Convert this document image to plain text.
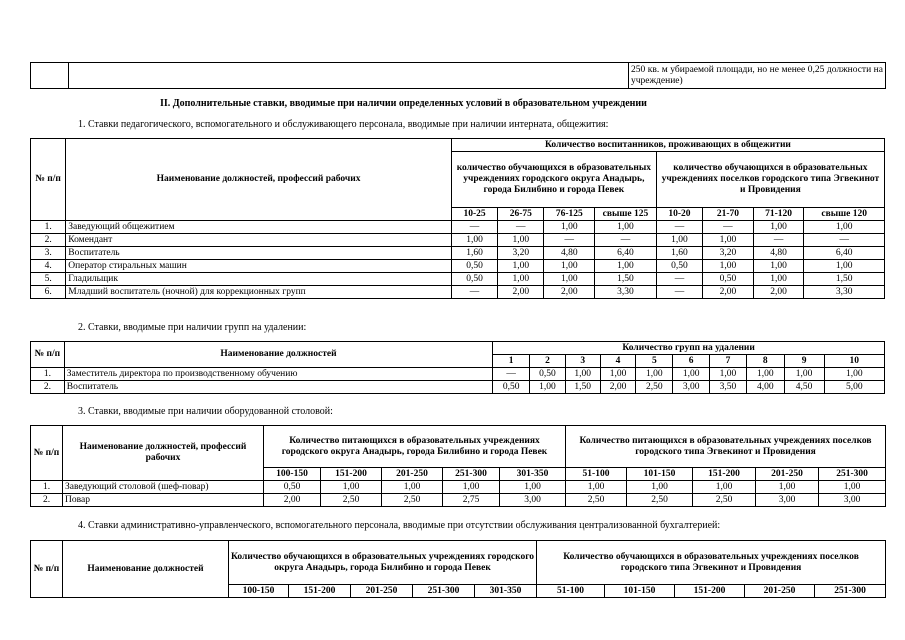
		250 кв. м убираемой площади, но не менее 0,25 должности на учреждение)
II. Дополнительные ставки, вводимые при наличии определенных условий в образовательном учреждении
1. Ставки педагогического, вспомогательного и обслуживающего персонала, вводимые при наличии интерната, общежития:
№ п/п	Наименование должностей, профессий рабочих	Количество воспитанников, проживающих в общежитии							
		количество обучающихся в образовательных учреждениях городского округа Анадырь, города Билибино и города Певек				количество обучающихся в образовательных учреждениях поселков городского типа Эгвекинот и Провидения			
		10-25	26-75	76-125	свыше 125	10-20	21-70	71-120	свыше 120
1.	Заведующий общежитием	—	—	1,00	1,00	—	—	1,00	1,00
2.	Комендант	1,00	1,00	—	—	1,00	1,00	—	—
3.	Воспитатель	1,60	3,20	4,80	6,40	1,60	3,20	4,80	6,40
4.	Оператор стиральных машин	0,50	1,00	1,00	1,00	0,50	1,00	1,00	1,00
5.	Гладильщик	0,50	1,00	1,00	1,50	—	0,50	1,00	1,50
6.	Младший воспитатель (ночной) для коррекционных групп	—	2,00	2,00	3,30	—	2,00	2,00	3,30
2. Ставки, вводимые при наличии групп на удалении:
№ п/п	Наименование должностей	Количество групп на удалении									
		1	2	3	4	5	6	7	8	9	10
1.	Заместитель директора по производственному обучению	—	0,50	1,00	1,00	1,00	1,00	1,00	1,00	1,00	1,00
2.	Воспитатель	0,50	1,00	1,50	2,00	2,50	3,00	3,50	4,00	4,50	5,00
3. Ставки, вводимые при наличии оборудованной столовой:
№ п/п	Наименование должностей, профессий рабочих	Количество питающихся в образовательных учреждениях городского округа Анадырь, города Билибино и города Певек					Количество питающихся в образовательных учреждениях поселков городского типа Эгвекинот и Провидения				
		100-150	151-200	201-250	251-300	301-350	51-100	101-150	151-200	201-250	251-300
1.	Заведующий столовой (шеф-повар)	0,50	1,00	1,00	1,00	1,00	1,00	1,00	1,00	1,00	1,00
2.	Повар	2,00	2,50	2,50	2,75	3,00	2,50	2,50	2,50	3,00	3,00
4. Ставки административно-управленческого, вспомогательного персонала, вводимые при отсутствии обслуживания централизованной бухгалтерией:
№ п/п	Наименование должностей	Количество обучающихся в образовательных учреждениях городского округа Анадырь, города Билибино и города Певек					Количество обучающихся в образовательных учреждениях поселков городского типа Эгвекинот и Провидения				
		100-150	151-200	201-250	251-300	301-350	51-100	101-150	151-200	201-250	251-300
